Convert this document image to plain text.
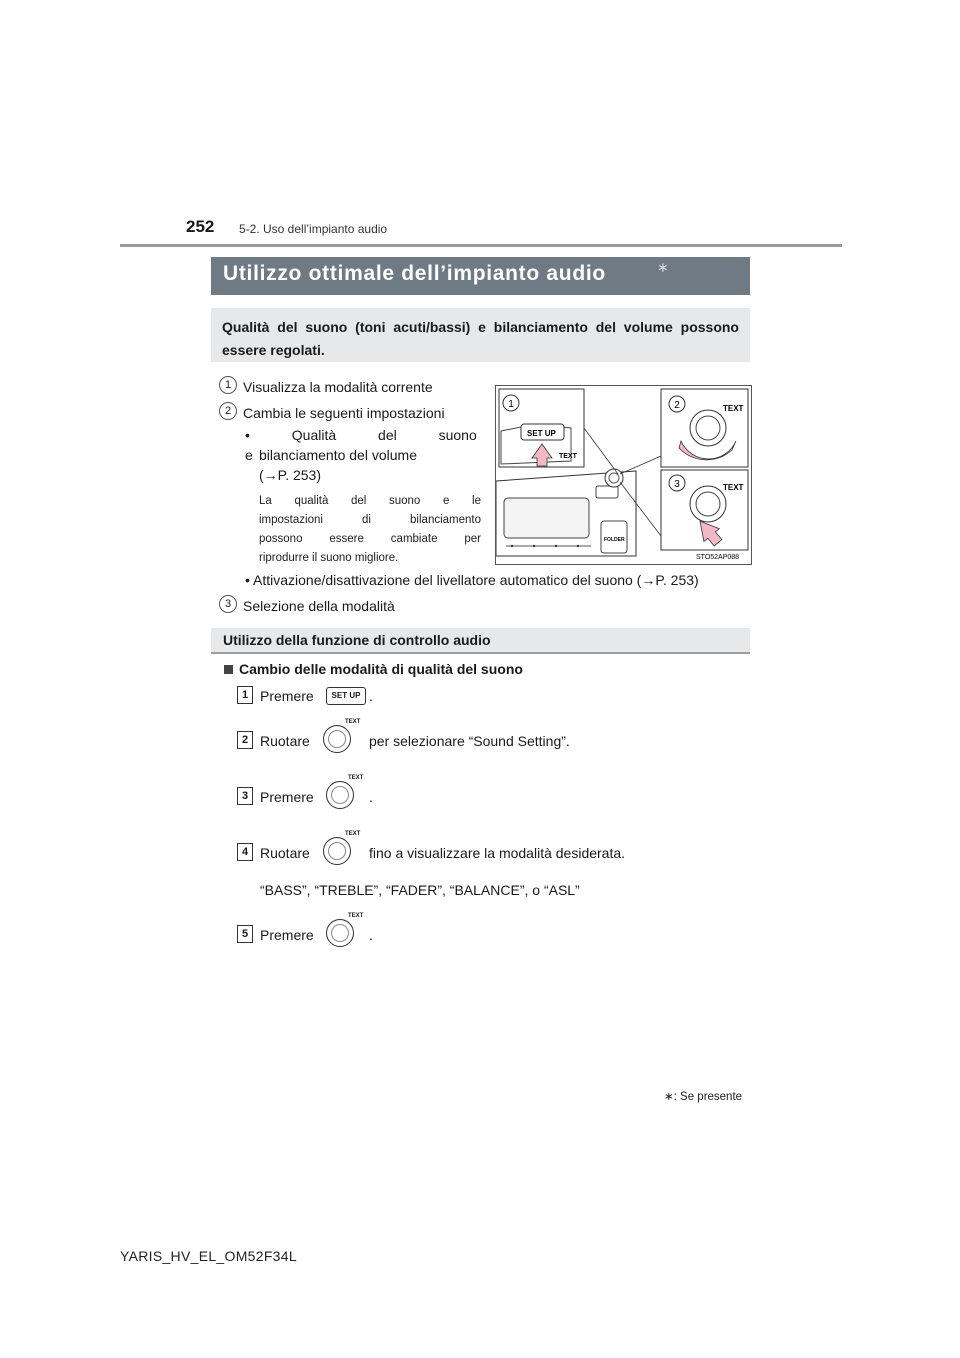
252 5-2. Uso dell’impianto audio
Utilizzo ottimale dell’impianto audio	∗

Qualità del suono (toni acuti/bassi) e bilanciamento del volume possono essere regolati.

1 Visualizza la modalità corrente
2 Cambia le seguenti impostazioni
• Qualità del suono e bilanciamento del volume
(→P. 253)
La qualità del suono e le
impostazioni di bilanciamento
possono essere cambiate per
riprodurre il suono migliore.
• Attivazione/disattivazione del livellatore automatico del suono (→P. 253)
3 Selezione della modalità
FOLDER
SET UP
TEXT
1	TEXT
2
TEXT
3
STO52AP088
Utilizzo della funzione di controllo audio
Cambio delle modalità di qualità del suono
1 Premere	SET UP .
2 Ruotare
TEXT
per selezionare “Sound Setting”.
3 Premere
TEXT
.
4 Ruotare
TEXT
fino a visualizzare la modalità desiderata.
“BASS”, “TREBLE”, “FADER”, “BALANCE”, o “ASL”
5 Premere
TEXT
.
∗: Se presente
YARIS_HV_EL_OM52F34L
